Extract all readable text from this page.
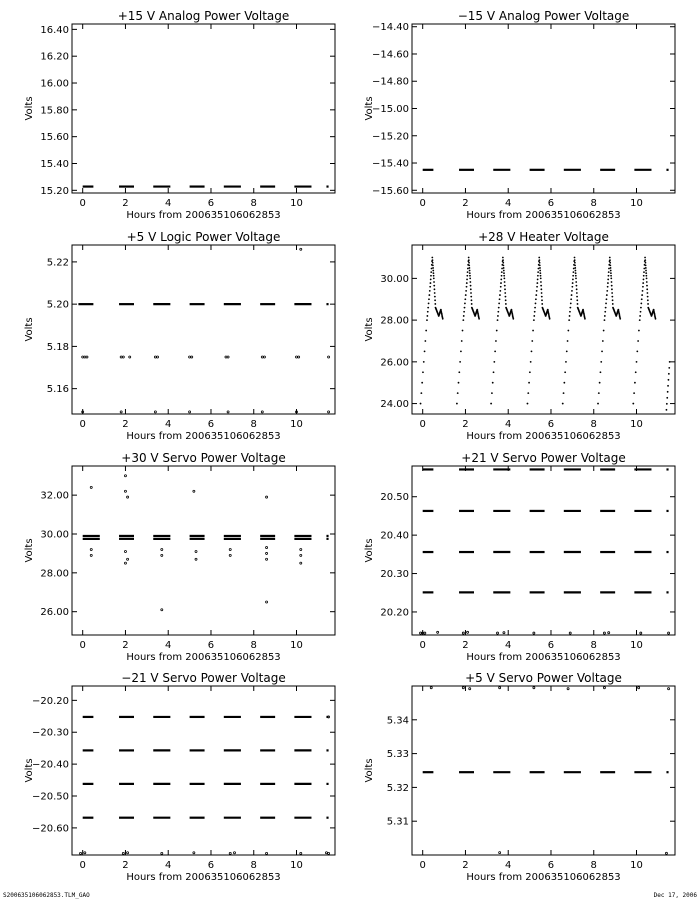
+15 V Analog Power Voltage
0	2	4	6	8	10
15.20
15.40
15.60
15.80
16.00
16.20
16.40
Hours from 200635106062853
Volts
−15 V Analog Power Voltage
0	2	4	6	8	10
−14.40
−14.60
−14.80
−15.00
−15.20
−15.40
−15.60
Hours from 200635106062853
Volts
+5 V Logic Power Voltage
0	2	4	6	8	10
5.16
5.18
5.20
5.22
Hours from 200635106062853
Volts
+28 V Heater Voltage
0	2	4	6	8	10
24.00
26.00
28.00
30.00
Hours from 200635106062853
Volts
+30 V Servo Power Voltage
0	2	4	6	8	10
26.00
28.00
30.00
32.00
Hours from 200635106062853
Volts
+21 V Servo Power Voltage
0	2	4	6	8	10
20.20
20.30
20.40
20.50
Hours from 200635106062853
Volts
−21 V Servo Power Voltage
0	2	4	6	8	10
−20.20
−20.30
−20.40
−20.50
−20.60
Hours from 200635106062853
Volts
+5 V Servo Power Voltage
0	2	4	6	8	10
5.31
5.32
5.33
5.34
Hours from 200635106062853
Volts
S200635106062853.TLM_GAO	Dec 17, 2006
